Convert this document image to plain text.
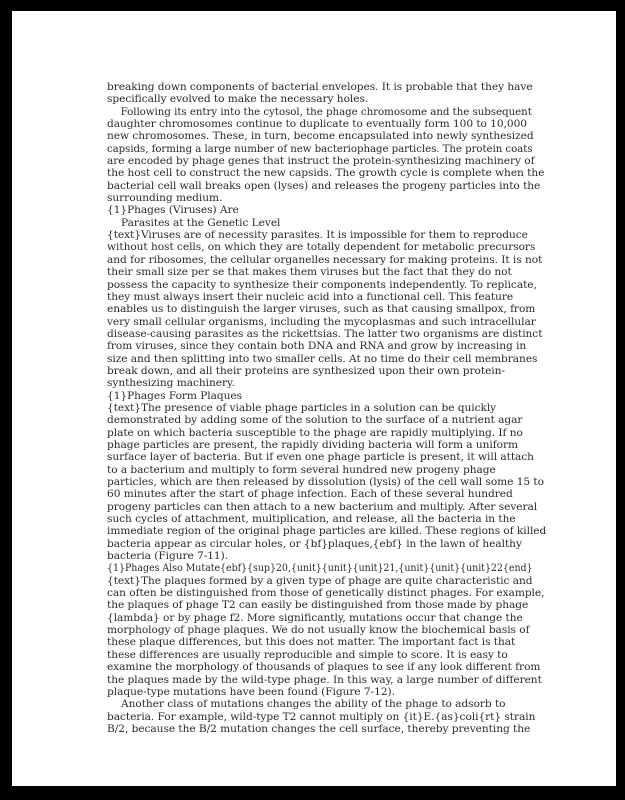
breaking down components of bacterial envelopes. It is probable that they have
specifically evolved to make the necessary holes.
Following its entry into the cytosol, the phage chromosome and the subsequent
daughter chromosomes continue to duplicate to eventually form 100 to 10,000
new chromosomes. These, in turn, become encapsulated into newly synthesized
capsids, forming a large number of new bacteriophage particles. The protein coats
are encoded by phage genes that instruct the protein-synthesizing machinery of
the host cell to construct the new capsids. The growth cycle is complete when the
bacterial cell wall breaks open (lyses) and releases the progeny particles into the
surrounding medium.
{1}Phages (Viruses) Are
Parasites at the Genetic Level
{text}Viruses are of necessity parasites. It is impossible for them to reproduce
without host cells, on which they are totally dependent for metabolic precursors
and for ribosomes, the cellular organelles necessary for making proteins. It is not
their small size per se that makes them viruses but the fact that they do not
possess the capacity to synthesize their components independently. To replicate,
they must always insert their nucleic acid into a functional cell. This feature
enables us to distinguish the larger viruses, such as that causing smallpox, from
very small cellular organisms, including the mycoplasmas and such intracellular
disease-causing parasites as the rickettsias. The latter two organisms are distinct
from viruses, since they contain both DNA and RNA and grow by increasing in
size and then splitting into two smaller cells. At no time do their cell membranes
break down, and all their proteins are synthesized upon their own protein-
synthesizing machinery.
{1}Phages Form Plaques
{text}The presence of viable phage particles in a solution can be quickly
demonstrated by adding some of the solution to the surface of a nutrient agar
plate on which bacteria susceptible to the phage are rapidly multiplying. If no
phage particles are present, the rapidly dividing bacteria will form a uniform
surface layer of bacteria. But if even one phage particle is present, it will attach
to a bacterium and multiply to form several hundred new progeny phage
particles, which are then released by dissolution (lysis) of the cell wall some 15 to
60 minutes after the start of phage infection. Each of these several hundred
progeny particles can then attach to a new bacterium and multiply. After several
such cycles of attachment, multiplication, and release, all the bacteria in the
immediate region of the original phage particles are killed. These regions of killed
bacteria appear as circular holes, or {bf}plaques,{ebf} in the lawn of healthy
bacteria (Figure 7-11).
{1}Phages Also Mutate{ebf}{sup}20,{unit}{unit}{unit}21,{unit}{unit}{unit}22{end}
{text}The plaques formed by a given type of phage are quite characteristic and
can often be distinguished from those of genetically distinct phages. For example,
the plaques of phage T2 can easily be distinguished from those made by phage
{lambda} or by phage f2. More significantly, mutations occur that change the
morphology of phage plaques. We do not usually know the biochemical basis of
these plaque differences, but this does not matter. The important fact is that
these differences are usually reproducible and simple to score. It is easy to
examine the morphology of thousands of plaques to see if any look different from
the plaques made by the wild-type phage. In this way, a large number of different
plaque-type mutations have been found (Figure 7-12).
Another class of mutations changes the ability of the phage to adsorb to
bacteria. For example, wild-type T2 cannot multiply on {it}E.{as}coli{rt} strain
B/2, because the B/2 mutation changes the cell surface, thereby preventing the
